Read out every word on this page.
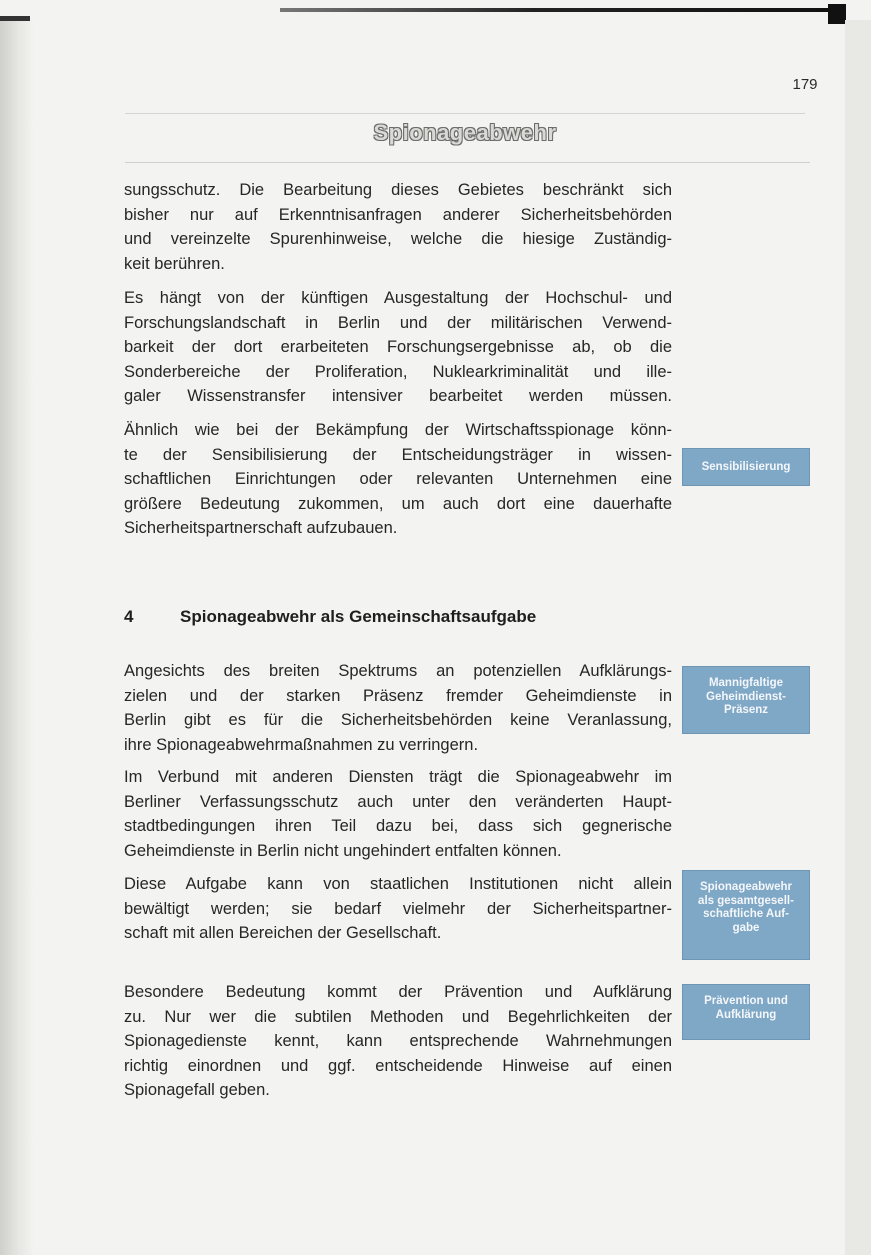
179
Spionageabwehr
sungsschutz. Die Bearbeitung dieses Gebietes beschränkt sich
bisher nur auf Erkenntnisanfragen anderer Sicherheitsbehörden
und vereinzelte Spurenhinweise, welche die hiesige Zuständig-
keit berühren.
Es hängt von der künftigen Ausgestaltung der Hochschul- und
Forschungslandschaft in Berlin und der militärischen Verwend-
barkeit der dort erarbeiteten Forschungsergebnisse ab, ob die
Sonderbereiche der Proliferation, Nuklearkriminalität und ille-
galer Wissenstransfer intensiver bearbeitet werden müssen.
Ähnlich wie bei der Bekämpfung der Wirtschaftsspionage könn-
te der Sensibilisierung der Entscheidungsträger in wissen-
schaftlichen Einrichtungen oder relevanten Unternehmen eine
größere Bedeutung zukommen, um auch dort eine dauerhafte
Sicherheitspartnerschaft aufzubauen.
4	Spionageabwehr als Gemeinschaftsaufgabe
Angesichts des breiten Spektrums an potenziellen Aufklärungs-
zielen und der starken Präsenz fremder Geheimdienste in
Berlin gibt es für die Sicherheitsbehörden keine Veranlassung,
ihre Spionageabwehrmaßnahmen zu verringern.
Im Verbund mit anderen Diensten trägt die Spionageabwehr im
Berliner Verfassungsschutz auch unter den veränderten Haupt-
stadtbedingungen ihren Teil dazu bei, dass sich gegnerische
Geheimdienste in Berlin nicht ungehindert entfalten können.
Diese Aufgabe kann von staatlichen Institutionen nicht allein
bewältigt werden; sie bedarf vielmehr der Sicherheitspartner-
schaft mit allen Bereichen der Gesellschaft.
Besondere Bedeutung kommt der Prävention und Aufklärung
zu. Nur wer die subtilen Methoden und Begehrlichkeiten der
Spionagedienste kennt, kann entsprechende Wahrnehmungen
richtig einordnen und ggf. entscheidende Hinweise auf einen
Spionagefall geben.
Sensibilisierung
Mannigfaltige
Geheimdienst-
Präsenz
Spionageabwehr
als gesamtgesell-
schaftliche Auf-
gabe
Prävention und
Aufklärung
